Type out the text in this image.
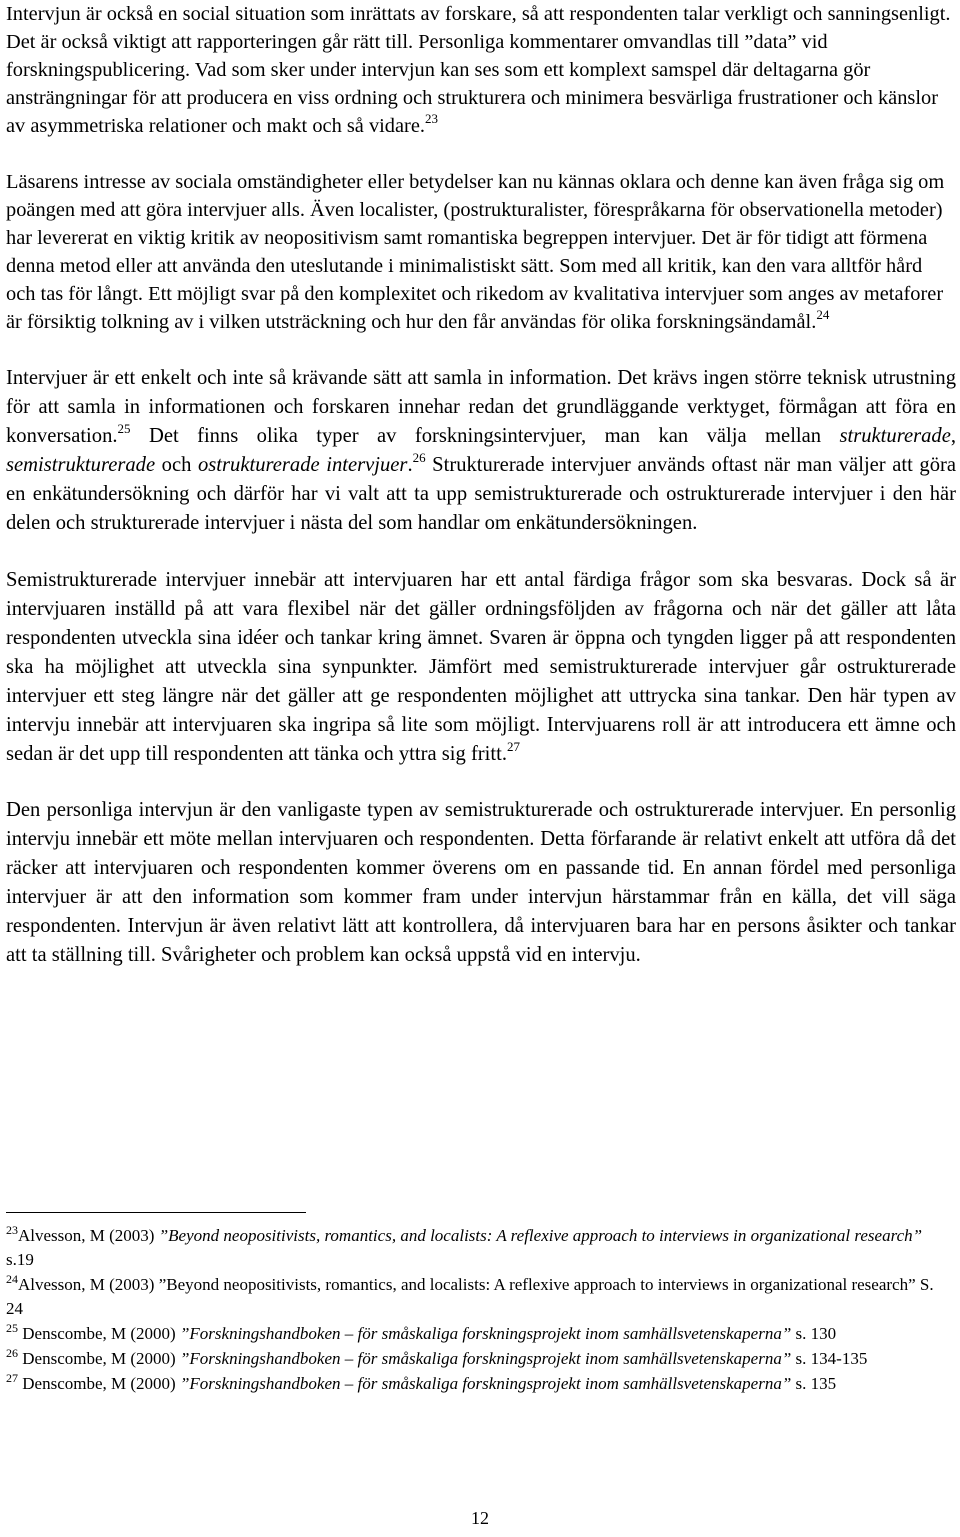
Intervjun är också en social situation som inrättats av forskare, så att respondenten talar verkligt och sanningsenligt. Det är också viktigt att rapporteringen går rätt till. Personliga kommentarer omvandlas till ”data” vid forskningspublicering. Vad som sker under intervjun kan ses som ett komplext samspel där deltagarna gör ansträngningar för att producera en viss ordning och strukturera och minimera besvärliga frustrationer och känslor av asymmetriska relationer och makt och så vidare.$^{23}$

Läsarens intresse av sociala omständigheter eller betydelser kan nu kännas oklara och denne kan även fråga sig om poängen med att göra intervjuer alls. Även localister, (postrukturalister, förespråkarna för observationella metoder) har levererat en viktig kritik av neopositivism samt romantiska begreppen intervjuer. Det är för tidigt att förmena denna metod eller att använda den uteslutande i minimalistiskt sätt. Som med all kritik, kan den vara alltför hård och tas för långt. Ett möjligt svar på den komplexitet och rikedom av kvalitativa intervjuer som anges av metaforer är försiktig tolkning av i vilken utsträckning och hur den får användas för olika forskningsändamål.$^{24}$

Intervjuer är ett enkelt och inte så krävande sätt att samla in information. Det krävs ingen större teknisk utrustning för att samla in informationen och forskaren innehar redan det grundläggande verktyget, förmågan att föra en konversation.$^{25}$ Det finns olika typer av forskningsintervjuer, man kan välja mellan strukturerade, semistrukturerade och ostrukturerade intervjuer.$^{26}$ Strukturerade intervjuer används oftast när man väljer att göra en enkätundersökning och därför har vi valt att ta upp semistrukturerade och ostrukturerade intervjuer i den här delen och strukturerade intervjuer i nästa del som handlar om enkätundersökningen.

Semistrukturerade intervjuer innebär att intervjuaren har ett antal färdiga frågor som ska besvaras. Dock så är intervjuaren inställd på att vara flexibel när det gäller ordningsföljden av frågorna och när det gäller att låta respondenten utveckla sina idéer och tankar kring ämnet. Svaren är öppna och tyngden ligger på att respondenten ska ha möjlighet att utveckla sina synpunkter. Jämfört med semistrukturerade intervjuer går ostrukturerade intervjuer ett steg längre när det gäller att ge respondenten möjlighet att uttrycka sina tankar. Den här typen av intervju innebär att intervjuaren ska ingripa så lite som möjligt. Intervjuarens roll är att introducera ett ämne och sedan är det upp till respondenten att tänka och yttra sig fritt.$^{27}$

Den personliga intervjun är den vanligaste typen av semistrukturerade och ostrukturerade intervjuer. En personlig intervju innebär ett möte mellan intervjuaren och respondenten. Detta förfarande är relativt enkelt att utföra då det räcker att intervjuaren och respondenten kommer överens om en passande tid. En annan fördel med personliga intervjuer är att den information som kommer fram under intervjun härstammar från en källa, det vill säga respondenten. Intervjun är även relativt lätt att kontrollera, då intervjuaren bara har en persons åsikter och tankar att ta ställning till. Svårigheter och problem kan också uppstå vid en intervju.

$^{23}$Alvesson, M (2003) ”Beyond neopositivists, romantics, and localists: A reflexive approach to interviews in organizational research” s.19

$^{24}$Alvesson, M (2003) ”Beyond neopositivists, romantics, and localists: A reflexive approach to interviews in organizational research” S. 24

$^{25}$ Denscombe, M (2000) ”Forskningshandboken – för småskaliga forskningsprojekt inom samhällsvetenskaperna” s. 130

$^{26}$ Denscombe, M (2000) ”Forskningshandboken – för småskaliga forskningsprojekt inom samhällsvetenskaperna” s. 134-135

$^{27}$ Denscombe, M (2000) ”Forskningshandboken – för småskaliga forskningsprojekt inom samhällsvetenskaperna” s. 135

12
